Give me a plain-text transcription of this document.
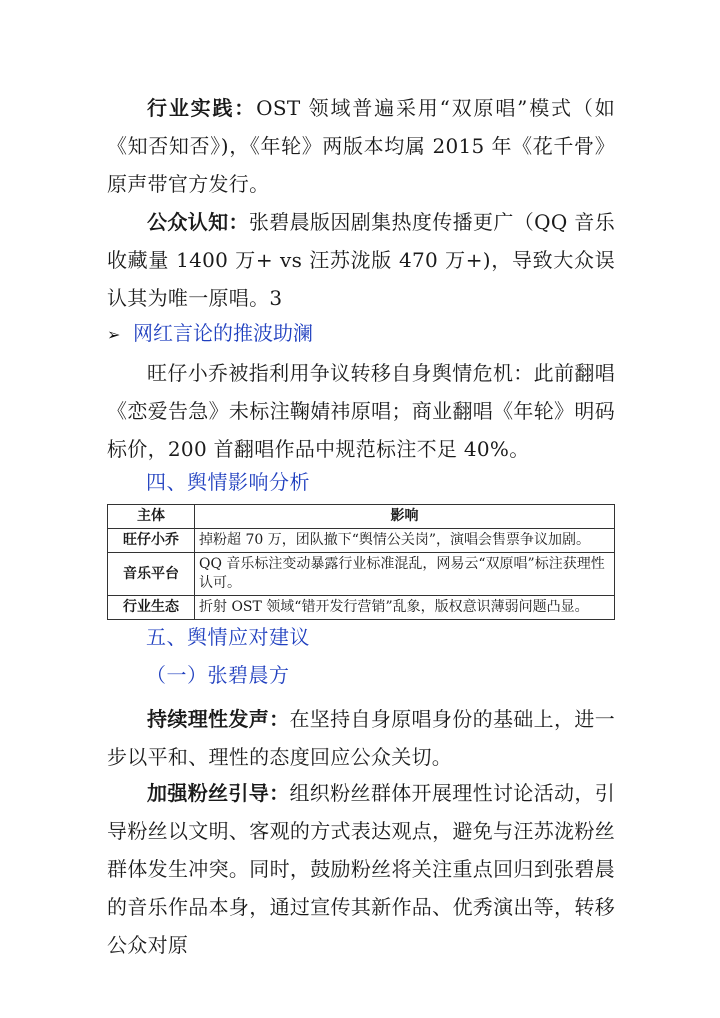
行业实践：OST 领域普遍采用“双原唱”模式（如《知否知否》)，《年轮》两版本均属 2015 年《花千骨》原声带官方发行。

公众认知：张碧晨版因剧集热度传播更广（QQ 音乐收藏量 1400 万+ vs 汪苏泷版 470 万+)，导致大众误认其为唯一原唱。3

➢ 网红言论的推波助澜

旺仔小乔被指利用争议转移自身舆情危机：此前翻唱《恋爱告急》未标注鞠婧祎原唱；商业翻唱《年轮》明码标价，200 首翻唱作品中规范标注不足 40%。

四、舆情影响分析
主体	影响
旺仔小乔	掉粉超 70 万，团队撤下“舆情公关岗”，演唱会售票争议加剧。
音乐平台	QQ 音乐标注变动暴露行业标准混乱，网易云“双原唱”标注获理性认可。
行业生态	折射 OST 领域“错开发行营销”乱象，版权意识薄弱问题凸显。
五、舆情应对建议
（一）张碧晨方

持续理性发声：在坚持自身原唱身份的基础上，进一步以平和、理性的态度回应公众关切。

加强粉丝引导：组织粉丝群体开展理性讨论活动，引导粉丝以文明、客观的方式表达观点，避免与汪苏泷粉丝群体发生冲突。同时，鼓励粉丝将关注重点回归到张碧晨的音乐作品本身，通过宣传其新作品、优秀演出等，转移公众对原
